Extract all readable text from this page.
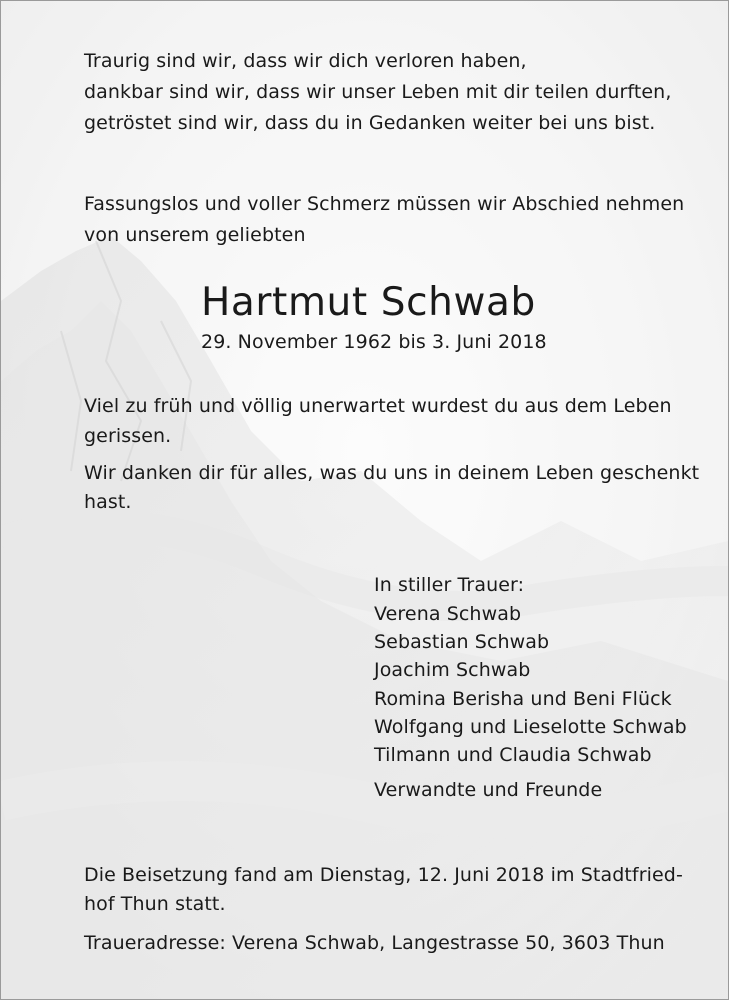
Traurig sind wir, dass wir dich verloren haben,
dankbar sind wir, dass wir unser Leben mit dir teilen durften,
getröstet sind wir, dass du in Gedanken weiter bei uns bist.
Fassungslos und voller Schmerz müssen wir Abschied nehmen
von unserem geliebten
Hartmut Schwab
29. November 1962 bis 3. Juni 2018
Viel zu früh und völlig unerwartet wurdest du aus dem Leben
gerissen.
Wir danken dir für alles, was du uns in deinem Leben geschenkt
hast.
In stiller Trauer:
Verena Schwab
Sebastian Schwab
Joachim Schwab
Romina Berisha und Beni Flück
Wolfgang und Lieselotte Schwab
Tilmann und Claudia Schwab
Verwandte und Freunde
Die Beisetzung fand am Dienstag, 12. Juni 2018 im Stadtfried-
hof Thun statt.
Traueradresse: Verena Schwab, Langestrasse 50, 3603 Thun
